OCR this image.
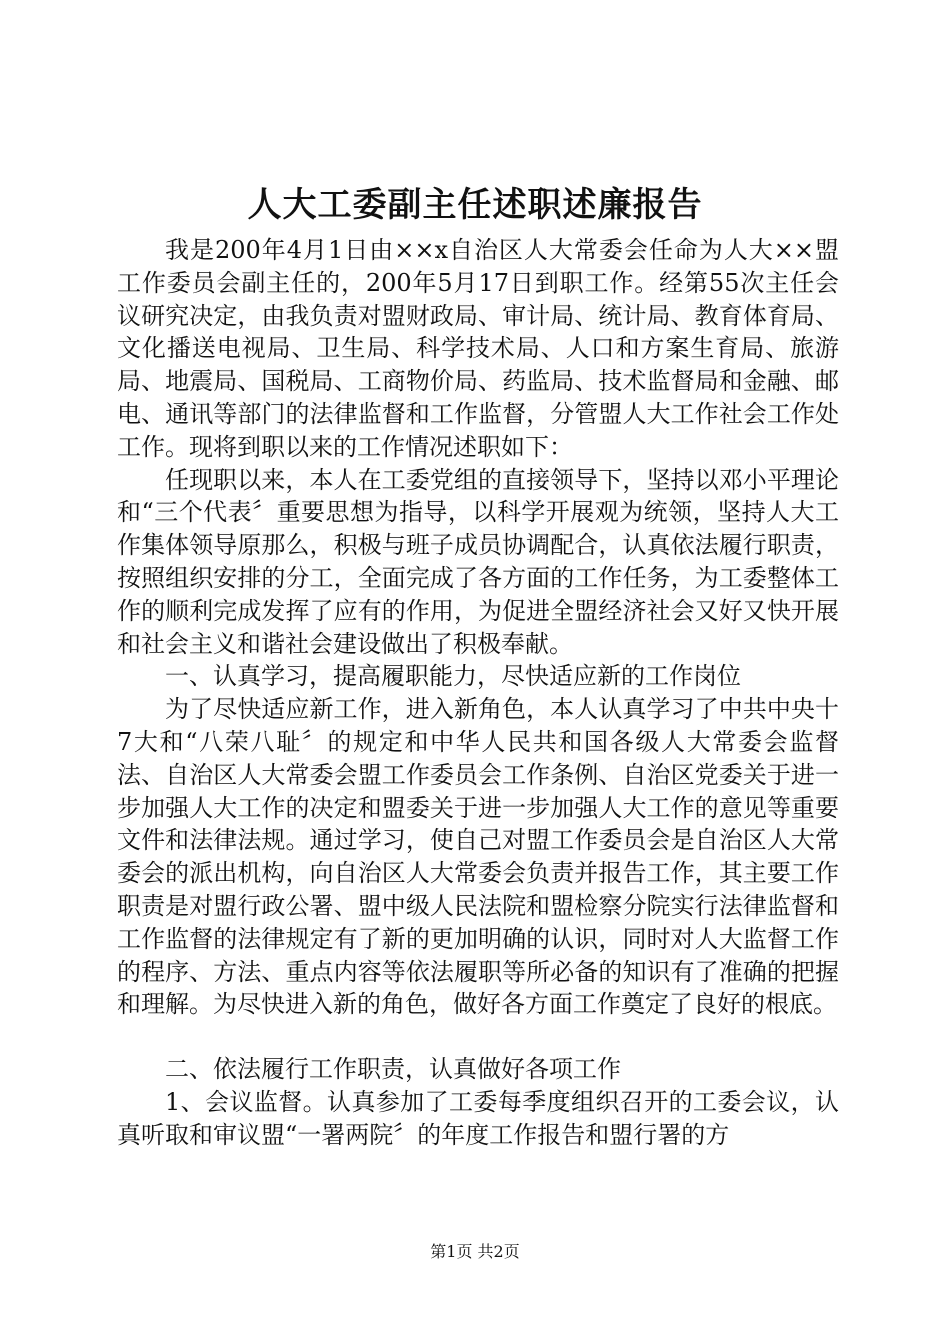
人大工委副主任述职述廉报告

我是200年4月1日由××x自治区人大常委会任命为人大××盟工作委员会副主任的，200年5月17日到职工作。经第55次主任会议研究决定，由我负责对盟财政局、审计局、统计局、教育体育局、文化播送电视局、卫生局、科学技术局、人口和方案生育局、旅游局、地震局、国税局、工商物价局、药监局、技术监督局和金融、邮电、通讯等部门的法律监督和工作监督，分管盟人大工作社会工作处工作。现将到职以来的工作情况述职如下：

任现职以来，本人在工委党组的直接领导下，坚持以邓小平理论和“三个代表〞重要思想为指导，以科学开展观为统领，坚持人大工作集体领导原那么，积极与班子成员协调配合，认真依法履行职责，按照组织安排的分工，全面完成了各方面的工作任务，为工委整体工作的顺利完成发挥了应有的作用，为促进全盟经济社会又好又快开展和社会主义和谐社会建设做出了积极奉献。

一、认真学习，提高履职能力，尽快适应新的工作岗位

为了尽快适应新工作，进入新角色，本人认真学习了中共中央十7大和“八荣八耻〞的规定和中华人民共和国各级人大常委会监督法、自治区人大常委会盟工作委员会工作条例、自治区党委关于进一步加强人大工作的决定和盟委关于进一步加强人大工作的意见等重要文件和法律法规。通过学习，使自己对盟工作委员会是自治区人大常委会的派出机构，向自治区人大常委会负责并报告工作，其主要工作职责是对盟行政公署、盟中级人民法院和盟检察分院实行法律监督和工作监督的法律规定有了新的更加明确的认识，同时对人大监督工作的程序、方法、重点内容等依法履职等所必备的知识有了准确的把握和理解。为尽快进入新的角色，做好各方面工作奠定了良好的根底。

二、依法履行工作职责，认真做好各项工作

1、会议监督。认真参加了工委每季度组织召开的工委会议，认真听取和审议盟“一署两院〞的年度工作报告和盟行署的方

第1页 共2页
